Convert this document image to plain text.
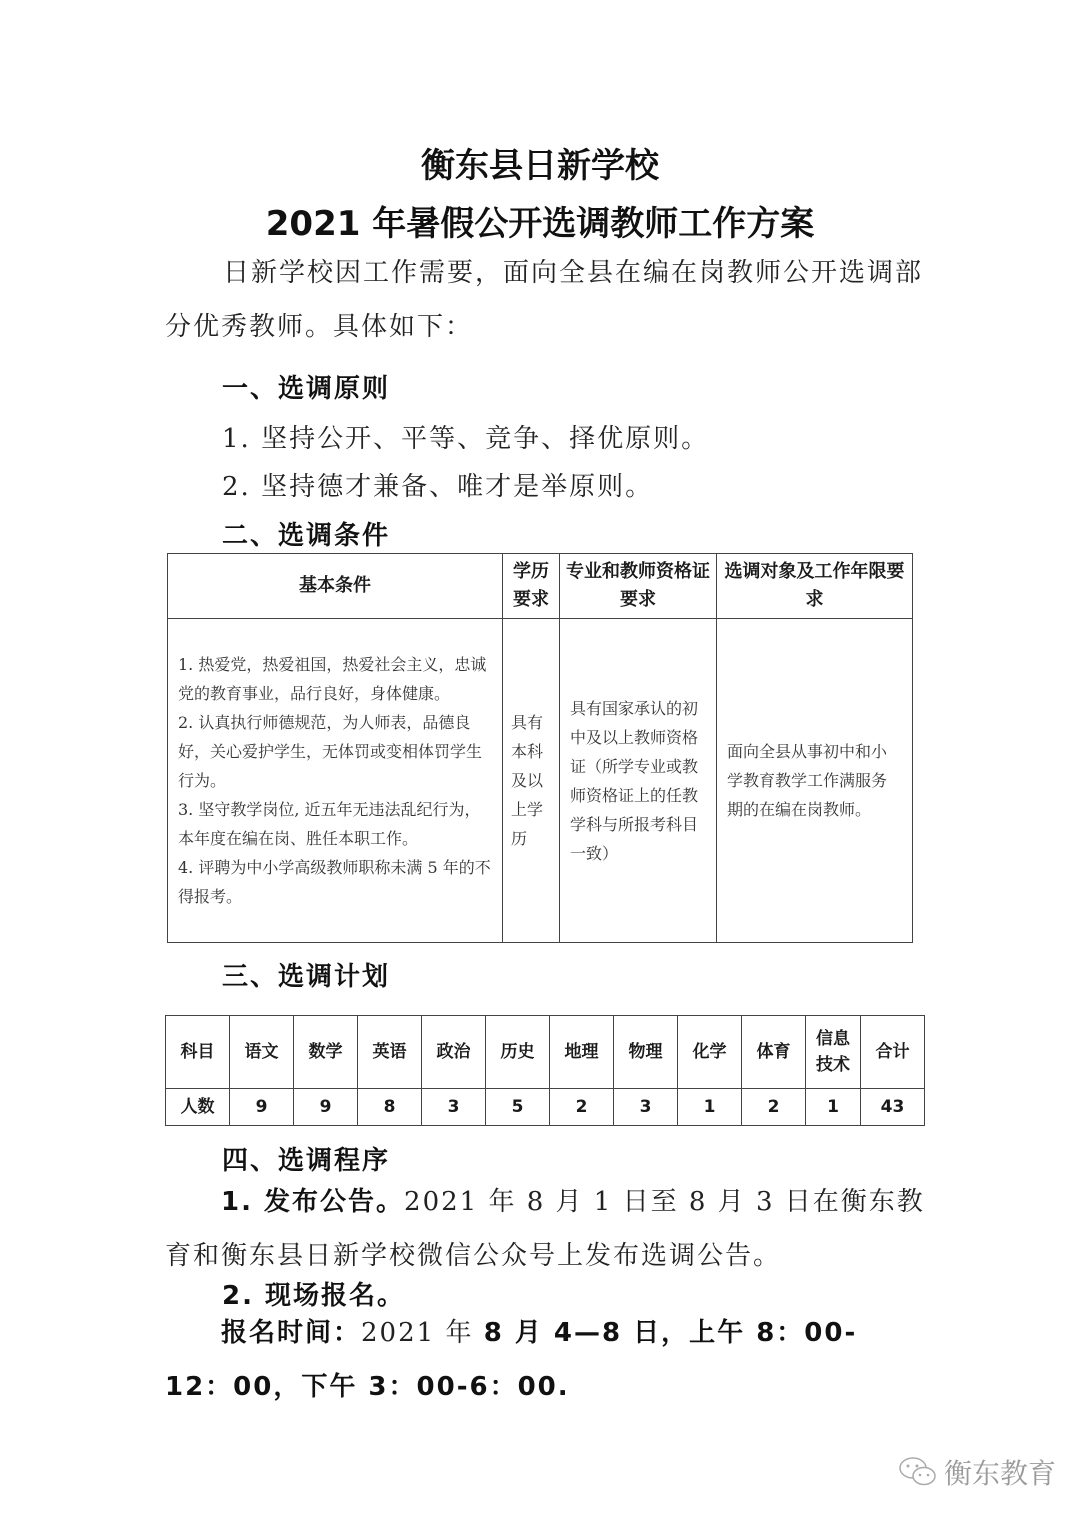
衡东县日新学校
2021 年暑假公开选调教师工作方案
日新学校因工作需要，面向全县在编在岗教师公开选调部分优秀教师。具体如下：
一、选调原则
1. 坚持公开、平等、竞争、择优原则。
2. 坚持德才兼备、唯才是举原则。
二、选调条件
基本条件	学历要求	专业和教师资格证要求	选调对象及工作年限要求

1. 热爱党，热爱祖国，热爱社会主义，忠诚党的教育事业，品行良好，身体健康。
2. 认真执行师德规范，为人师表，品德良好，关心爱护学生，无体罚或变相体罚学生行为。
3. 坚守教学岗位, 近五年无违法乱纪行为，本年度在编在岗、胜任本职工作。
4. 评聘为中小学高级教师职称未满 5 年的不得报考。	具有本科及以上学历	具有国家承认的初中及以上教师资格证（所学专业或教师资格证上的任教学科与所报考科目一致）	面向全县从事初中和小学教育教学工作满服务期的在编在岗教师。
三、选调计划
科目	语文	数学	英语	政治	历史	地理	物理	化学	体育	信息技术	合计
人数	9	9	8	3	5	2	3	1	2	1	43
四、选调程序
1. 发布公告。2021 年 8 月 1 日至 8 月 3 日在衡东教育和衡东县日新学校微信公众号上发布选调公告。
2. 现场报名。
报名时间：2021 年 8 月 4—8 日，上午 8：00-12：00，下午 3：00-6：00.
衡东教育
